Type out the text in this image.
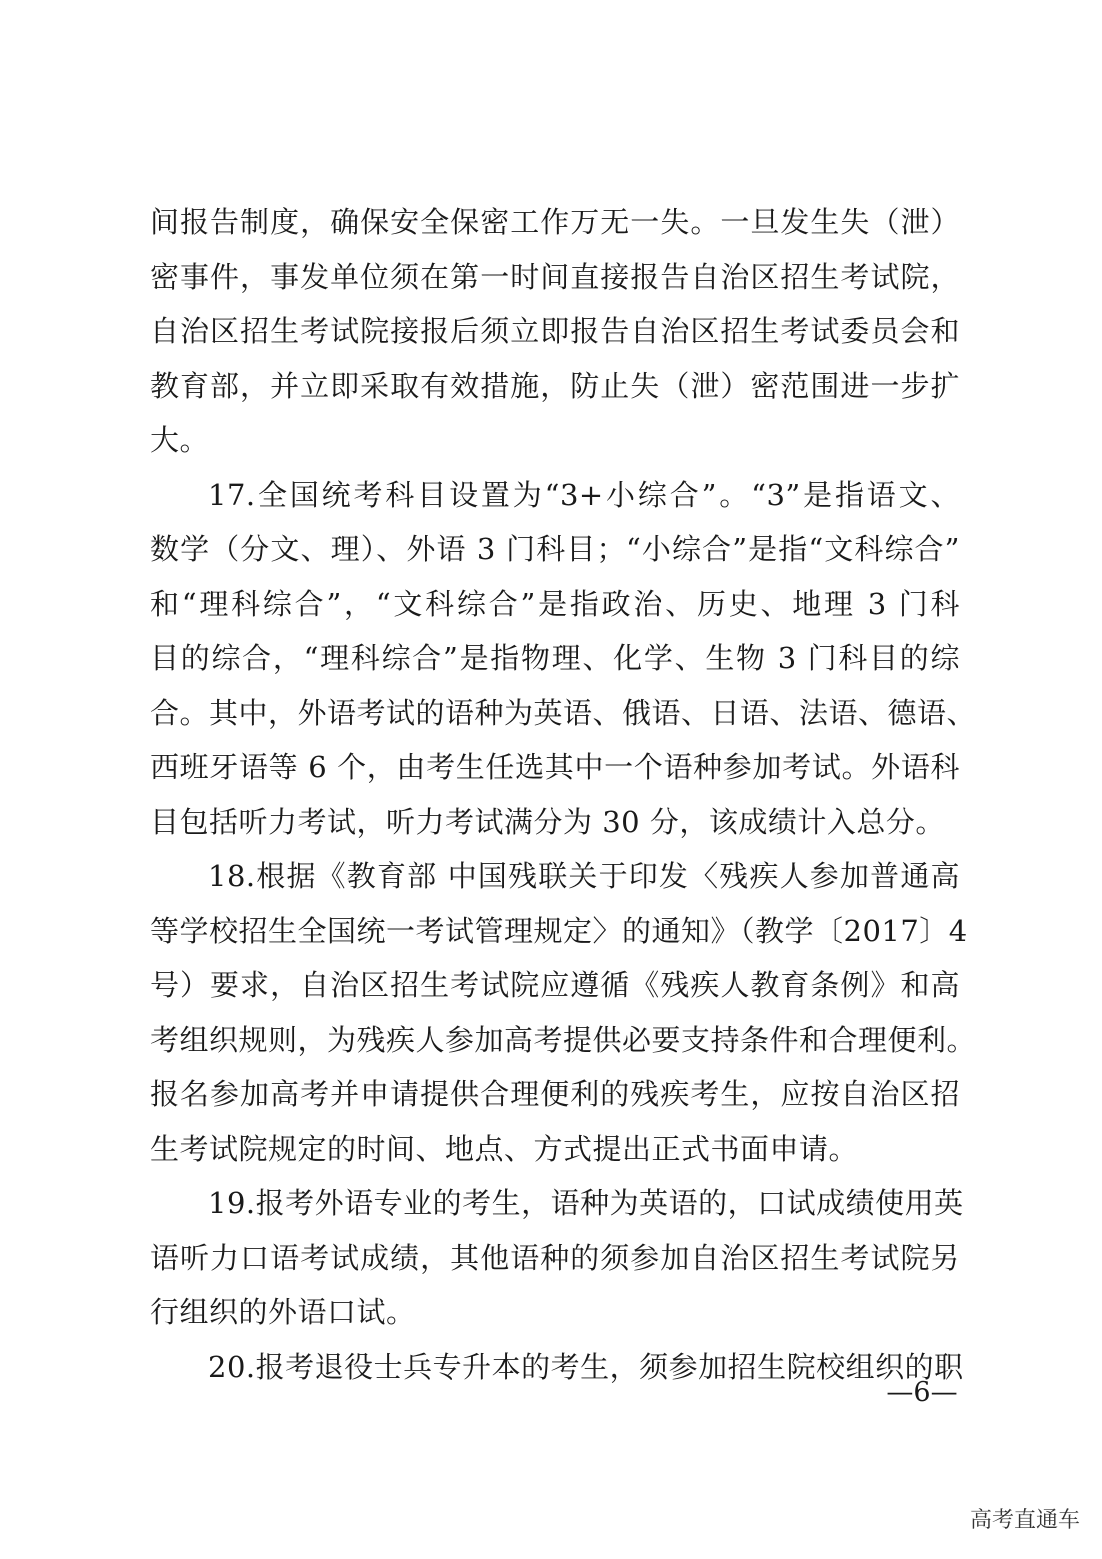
间报告制度，确保安全保密工作万无一失。一旦发生失（泄）
密事件，事发单位须在第一时间直接报告自治区招生考试院，
自治区招生考试院接报后须立即报告自治区招生考试委员会和
教育部，并立即采取有效措施，防止失（泄）密范围进一步扩
大。
17.全国统考科目设置为“3+小综合”。“3”是指语文、
数学（分文、理）、外语 3 门科目；“小综合”是指“文科综合”
和“理科综合”，“文科综合”是指政治、历史、地理 3 门科
目的综合，“理科综合”是指物理、化学、生物 3 门科目的综
合。其中，外语考试的语种为英语、俄语、日语、法语、德语、
西班牙语等 6 个，由考生任选其中一个语种参加考试。外语科
目包括听力考试，听力考试满分为 30 分，该成绩计入总分。
18.根据《教育部 中国残联关于印发〈残疾人参加普通高
等学校招生全国统一考试管理规定〉的通知》（教学〔2017〕4
号）要求，自治区招生考试院应遵循《残疾人教育条例》和高
考组织规则，为残疾人参加高考提供必要支持条件和合理便利。
报名参加高考并申请提供合理便利的残疾考生，应按自治区招
生考试院规定的时间、地点、方式提出正式书面申请。
19.报考外语专业的考生，语种为英语的，口试成绩使用英
语听力口语考试成绩，其他语种的须参加自治区招生考试院另
行组织的外语口试。
20.报考退役士兵专升本的考生，须参加招生院校组织的职
—6—
高考直通车
